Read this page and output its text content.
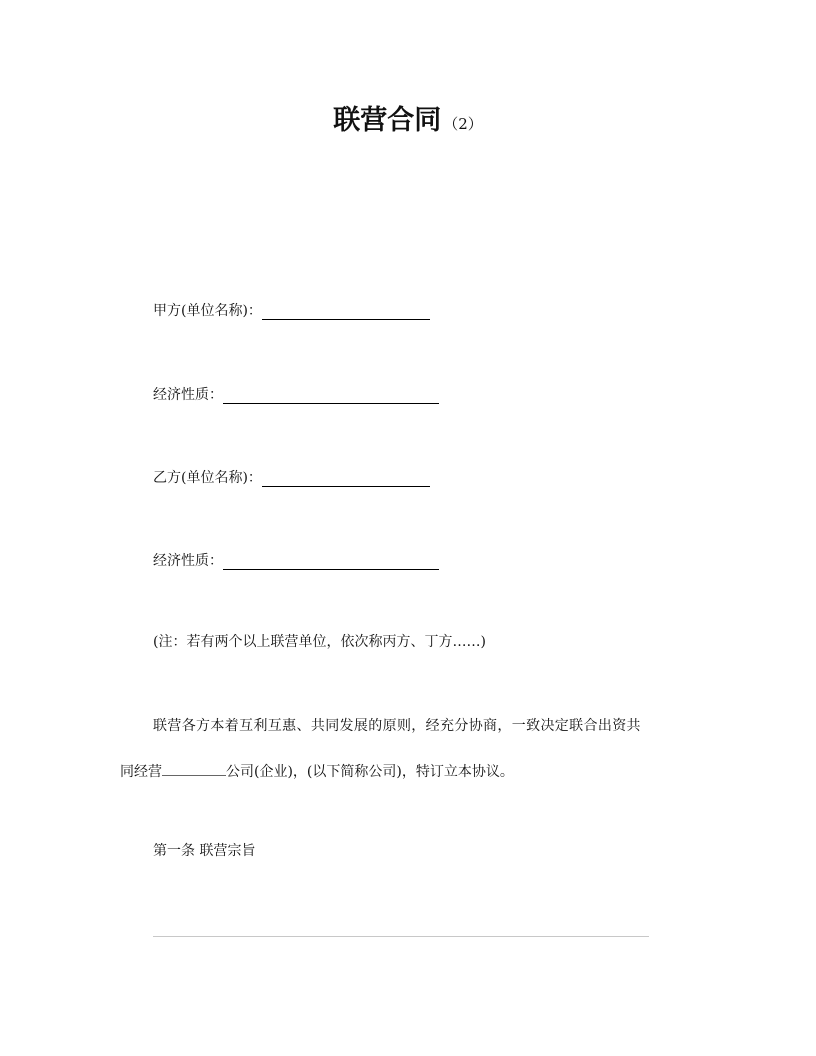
联营合同 （2）
甲方(单位名称)：
经济性质：
乙方(单位名称)：
经济性质：
(注：若有两个以上联营单位，依次称丙方、丁方……)
联营各方本着互利互惠、共同发展的原则，经充分协商，一致决定联合出资共
同经营	公司(企业)，(以下简称公司)，特订立本协议。
第一条 联营宗旨
